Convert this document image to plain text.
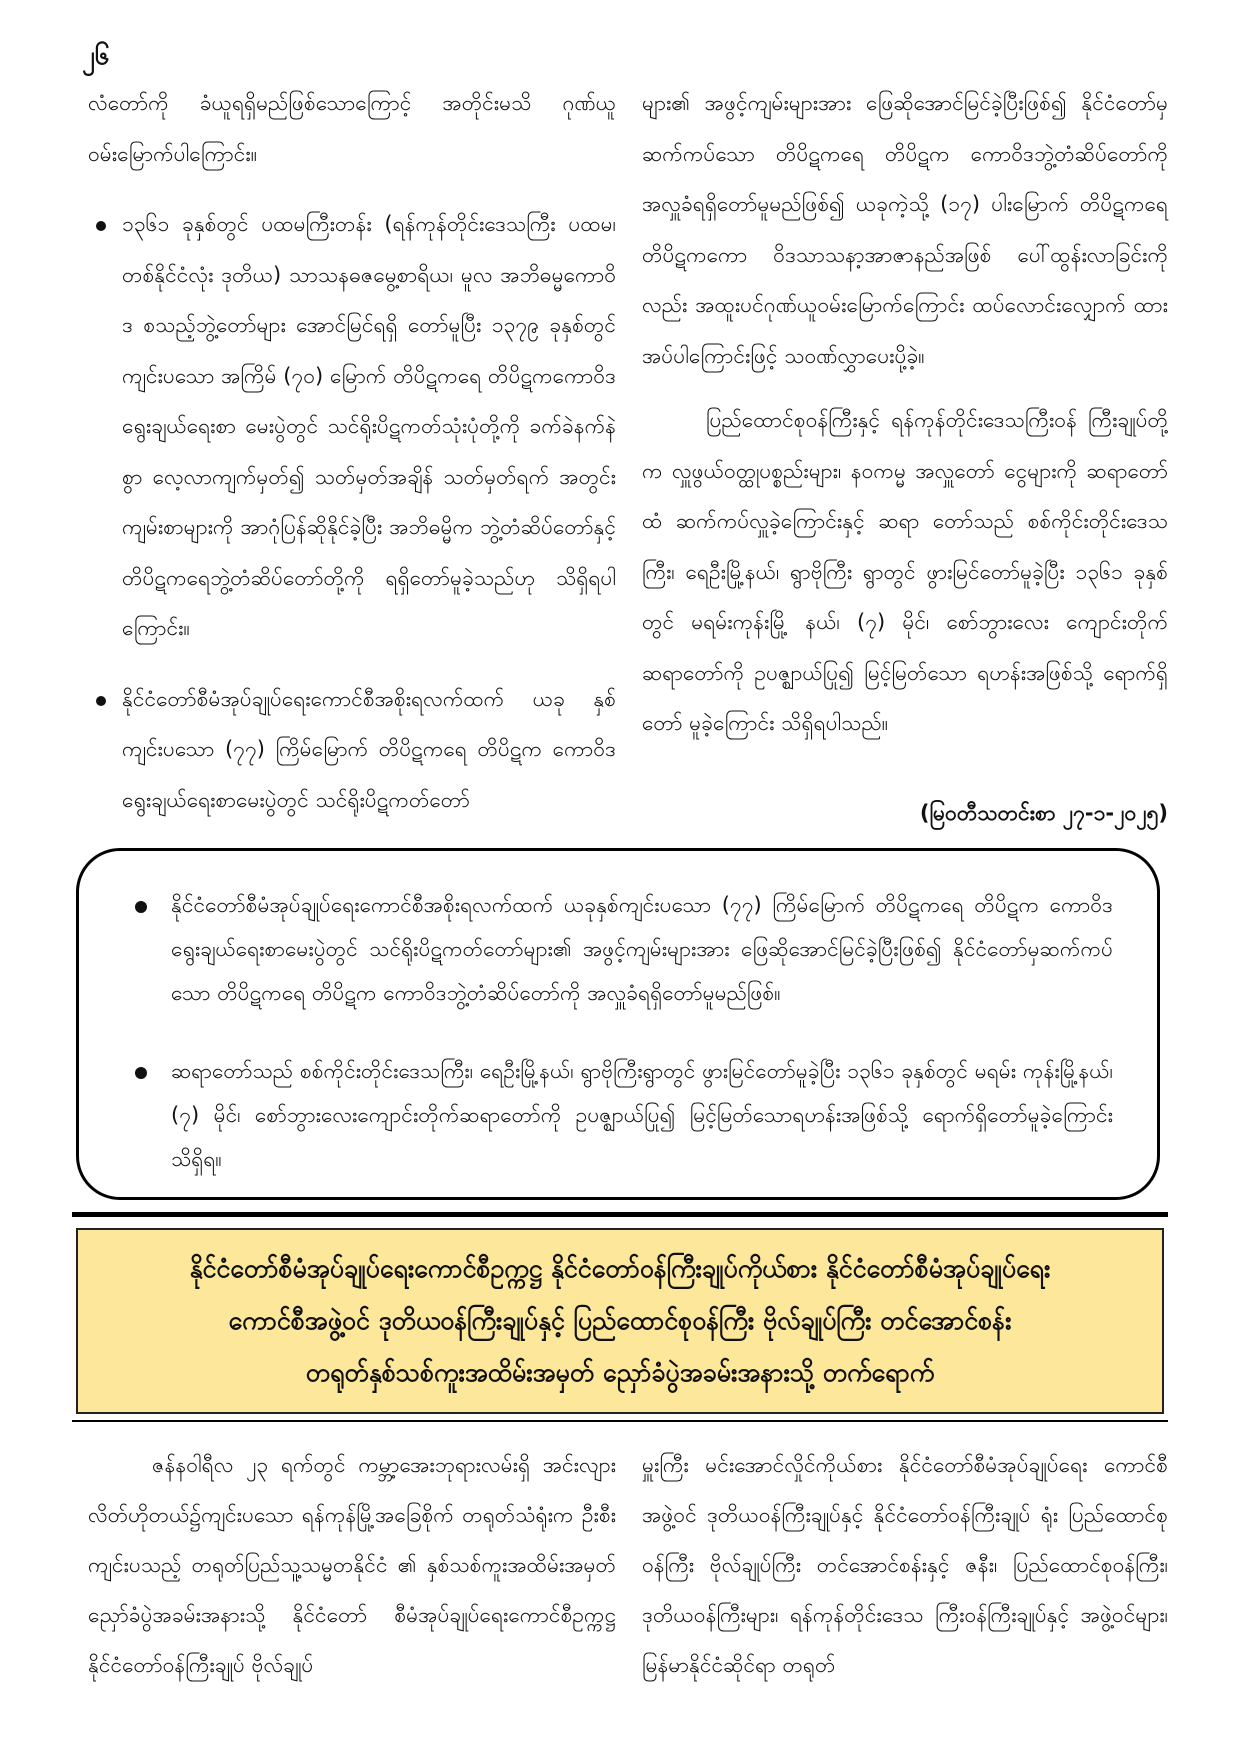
၂၆

လံတော်ကို ခံယူရရှိမည်ဖြစ်သောကြောင့် အတိုင်းမသိ ဂုဏ်ယူဝမ်းမြောက်ပါကြောင်း။

၁၃၆၁ ခုနှစ်တွင် ပထမကြီးတန်း (ရန်ကုန်တိုင်းဒေသကြီး ပထမ၊ တစ်နိုင်ငံလုံး ဒုတိယ) သာသနဓဇမွေ့စာရိယ၊ မူလ အဘိဓမ္မကောဝိဒ စသည့်ဘွဲ့တော်များ အောင်မြင်ရရှိ တော်မူပြီး ၁၃၇၉ ခုနှစ်တွင် ကျင်းပသော အကြိမ် (၇၀) မြောက် တိပိဋကရေ တိပိဋကကောဝိဒ ရွေးချယ်ရေးစာ မေးပွဲတွင် သင်ရိုးပိဋကတ်သုံးပုံတို့ကို ခက်ခဲနက်နဲစွာ လေ့လာကျက်မှတ်၍ သတ်မှတ်အချိန် သတ်မှတ်ရက် အတွင်း ကျမ်းစာများကို အာဂုံပြန်ဆိုနိုင်ခဲ့ပြီး အဘိဓမ္မိက ဘွဲ့တံဆိပ်တော်နှင့် တိပိဋကရေဘွဲ့တံဆိပ်တော်တို့ကို ရရှိတော်မူခဲ့သည်ဟု သိရှိရပါကြောင်း။
နိုင်ငံတော်စီမံအုပ်ချုပ်ရေးကောင်စီအစိုးရလက်ထက် ယခု နှစ်ကျင်းပသော (၇၇) ကြိမ်မြောက် တိပိဋကရေ တိပိဋက ကောဝိဒ ရွေးချယ်ရေးစာမေးပွဲတွင် သင်ရိုးပိဋကတ်တော်

များ၏ အဖွင့်ကျမ်းများအား ဖြေဆိုအောင်မြင်ခဲ့ပြီးဖြစ်၍ နိုင်ငံတော်မှ ဆက်ကပ်သော တိပိဋကရေ တိပိဋက ကောဝိဒဘွဲ့တံဆိပ်တော်ကို အလှူခံရရှိတော်မူမည်ဖြစ်၍ ယခုကဲ့သို့ (၁၇) ပါးမြောက် တိပိဋကရေ တိပိဋကကော ဝိဒသာသနာ့အာဇာနည်အဖြစ် ပေါ်ထွန်းလာခြင်းကိုလည်း အထူးပင်ဂုဏ်ယူဝမ်းမြောက်ကြောင်း ထပ်လောင်းလျှောက် ထားအပ်ပါကြောင်းဖြင့် သဝဏ်လွှာပေးပို့ခဲ့။

ပြည်ထောင်စုဝန်ကြီးနှင့် ရန်ကုန်တိုင်းဒေသကြီးဝန် ကြီးချုပ်တို့က လှူဖွယ်ဝတ္ထုပစ္စည်းများ၊ နဝကမ္မ အလှူတော် ငွေများကို ဆရာတော်ထံ ဆက်ကပ်လှူခဲ့ကြောင်းနှင့် ဆရာ တော်သည် စစ်ကိုင်းတိုင်းဒေသကြီး၊ ရေဦးမြို့နယ်၊ ရွာဗိုကြီး ရွာတွင် ဖွားမြင်တော်မူခဲ့ပြီး ၁၃၆၁ ခုနှစ်တွင် မရမ်းကုန်းမြို့ နယ်၊ (၇) မိုင်၊ စော်ဘွားလေး ကျောင်းတိုက်ဆရာတော်ကို ဥပဇ္ဈာယ်ပြု၍ မြင့်မြတ်သော ရဟန်းအဖြစ်သို့ ရောက်ရှိတော် မူခဲ့ကြောင်း သိရှိရပါသည်။

(မြဝတီသတင်းစာ ၂၇-၁-၂၀၂၅)
နိုင်ငံတော်စီမံအုပ်ချုပ်ရေးကောင်စီအစိုးရလက်ထက် ယခုနှစ်ကျင်းပသော (၇၇) ကြိမ်မြောက် တိပိဋကရေ တိပိဋက ကောဝိဒ ရွေးချယ်ရေးစာမေးပွဲတွင် သင်ရိုးပိဋကတ်တော်များ၏ အဖွင့်ကျမ်းများအား ဖြေဆိုအောင်မြင်ခဲ့ပြီးဖြစ်၍ နိုင်ငံတော်မှဆက်ကပ်သော တိပိဋကရေ တိပိဋက ကောဝိဒဘွဲ့တံဆိပ်တော်ကို အလှူခံရရှိတော်မူမည်ဖြစ်။
ဆရာတော်သည် စစ်ကိုင်းတိုင်းဒေသကြီး၊ ရေဦးမြို့နယ်၊ ရွာဗိုကြီးရွာတွင် ဖွားမြင်တော်မူခဲ့ပြီး ၁၃၆၁ ခုနှစ်တွင် မရမ်း ကုန်းမြို့နယ်၊ (၇) မိုင်၊ စော်ဘွားလေးကျောင်းတိုက်ဆရာတော်ကို ဥပဇ္ဈာယ်ပြု၍ မြင့်မြတ်သောရဟန်းအဖြစ်သို့ ရောက်ရှိတော်မူခဲ့ကြောင်း သိရှိရ။
နိုင်ငံတော်စီမံအုပ်ချုပ်ရေးကောင်စီဥက္ကဋ္ဌ နိုင်ငံတော်ဝန်ကြီးချုပ်ကိုယ်စား နိုင်ငံတော်စီမံအုပ်ချုပ်ရေး
ကောင်စီအဖွဲ့ဝင် ဒုတိယဝန်ကြီးချုပ်နှင့် ပြည်ထောင်စုဝန်ကြီး ဗိုလ်ချုပ်ကြီး တင်အောင်စန်း
တရုတ်နှစ်သစ်ကူးအထိမ်းအမှတ် ညှော်ခံပွဲအခမ်းအနားသို့ တက်ရောက်

ဇန်နဝါရီလ ၂၃ ရက်တွင် ကမ္ဘာ့အေးဘုရားလမ်းရှိ အင်းလျားလိတ်ဟိုတယ်၌ကျင်းပသော ရန်ကုန်မြို့အခြေစိုက် တရုတ်သံရုံးက ဦးစီးကျင်းပသည့် တရုတ်ပြည်သူ့သမ္မတနိုင်ငံ ၏ နှစ်သစ်ကူးအထိမ်းအမှတ်ညှော်ခံပွဲအခမ်းအနားသို့ နိုင်ငံတော် စီမံအုပ်ချုပ်ရေးကောင်စီဥက္ကဋ္ဌ နိုင်ငံတော်ဝန်ကြီးချုပ် ဗိုလ်ချုပ်

မှူးကြီး မင်းအောင်လှိုင်ကိုယ်စား နိုင်ငံတော်စီမံအုပ်ချုပ်ရေး ကောင်စီအဖွဲ့ဝင် ဒုတိယဝန်ကြီးချုပ်နှင့် နိုင်ငံတော်ဝန်ကြီးချုပ် ရုံး ပြည်ထောင်စုဝန်ကြီး ဗိုလ်ချုပ်ကြီး တင်အောင်စန်းနှင့် ဇနီး၊ ပြည်ထောင်စုဝန်ကြီး၊ ဒုတိယဝန်ကြီးများ၊ ရန်ကုန်တိုင်းဒေသ ကြီးဝန်ကြီးချုပ်နှင့် အဖွဲ့ဝင်များ၊ မြန်မာနိုင်ငံဆိုင်ရာ တရုတ်
